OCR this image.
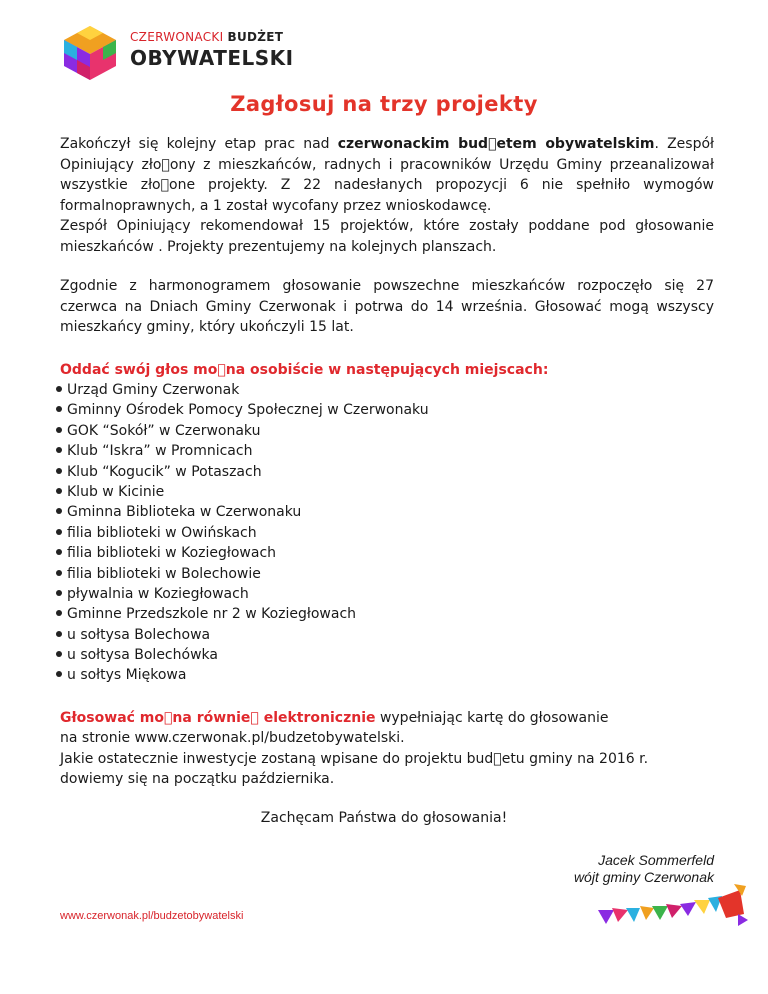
CZERWONACKI BUDŻET
OBYWATELSKI
Zagłosuj na trzy projekty
Zakończył się kolejny etap prac nad czerwonackim bud etem obywatelskim. Zespół Opiniujący zło ony z mieszkańców, radnych i pracowników Urzędu Gminy przeanalizował wszystkie zło one projekty. Z 22 nadesłanych propozycji 6 nie spełniło wymogów formalnoprawnych, a 1 został wycofany przez wnioskodawcę.
Zespół Opiniujący rekomendował 15 projektów, które zostały poddane pod głosowanie mieszkańców . Projekty prezentujemy na kolejnych planszach.
Zgodnie z harmonogramem głosowanie powszechne mieszkańców rozpoczęło się 27 czerwca na Dniach Gminy Czerwonak i potrwa do 14 września. Głosować mogą wszyscy mieszkańcy gminy, który ukończyli 15 lat.
Oddać swój głos mo na osobiście w następujących miejscach:
Urząd Gminy Czerwonak
Gminny Ośrodek Pomocy Społecznej w Czerwonaku
GOK “Sokół” w Czerwonaku
Klub “Iskra” w Promnicach
Klub “Kogucik” w Potaszach
Klub w Kicinie
Gminna Biblioteka w Czerwonaku
filia biblioteki w Owińskach
filia biblioteki w Koziegłowach
filia biblioteki w Bolechowie
pływalnia w Koziegłowach
Gminne Przedszkole nr 2 w Koziegłowach
u sołtysa Bolechowa
u sołtysa Bolechówka
u sołtys Miękowa
Głosować mo na równie  elektronicznie wypełniając kartę do głosowanie
na stronie www.czerwonak.pl/budzetobywatelski.
Jakie ostatecznie inwestycje zostaną wpisane do projektu bud etu gminy na 2016 r.
dowiemy się na początku października.
Zachęcam Państwa do głosowania!
Jacek Sommerfeld
wójt gminy Czerwonak
www.czerwonak.pl/budzetobywatelski
